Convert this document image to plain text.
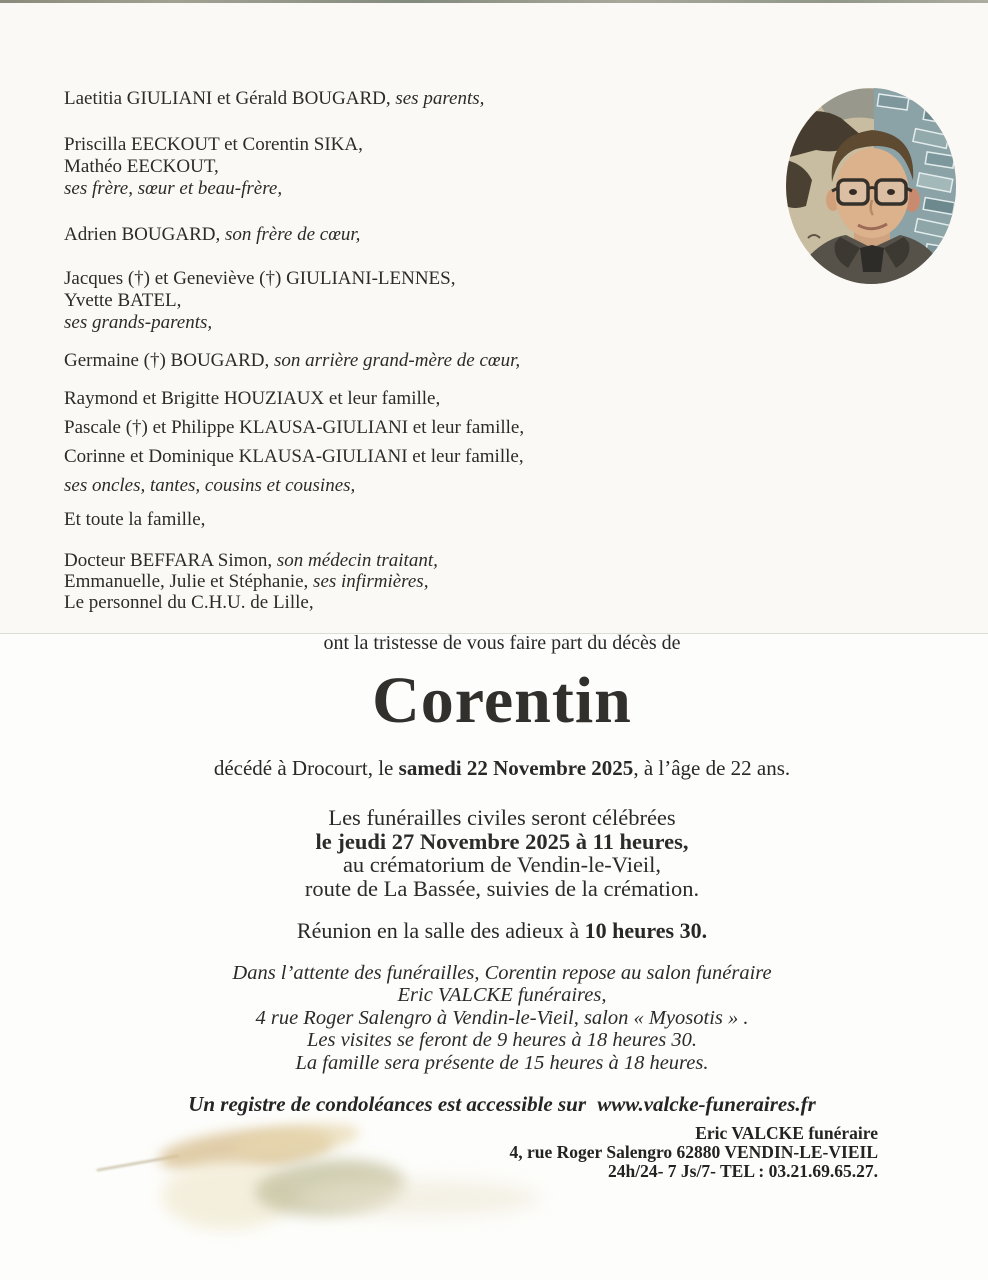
Laetitia GIULIANI et Gérald BOUGARD, ses parents,
Priscilla EECKOUT et Corentin SIKA,
Mathéo EECKOUT,
ses frère, sœur et beau-frère,
Adrien BOUGARD, son frère de cœur,
Jacques (†) et Geneviève (†) GIULIANI-LENNES,
Yvette BATEL,
ses grands-parents,
Germaine (†) BOUGARD, son arrière grand-mère de cœur,
Raymond et Brigitte HOUZIAUX et leur famille,
Pascale (†) et Philippe KLAUSA-GIULIANI et leur famille,
Corinne et Dominique KLAUSA-GIULIANI et leur famille,
ses oncles, tantes, cousins et cousines,
Et toute la famille,
Docteur BEFFARA Simon, son médecin traitant,
Emmanuelle, Julie et Stéphanie, ses infirmières,
Le personnel du C.H.U. de Lille,
ont la tristesse de vous faire part du décès de
Corentin
décédé à Drocourt, le samedi 22 Novembre 2025, à l’âge de 22 ans.
Les funérailles civiles seront célébrées
le jeudi 27 Novembre 2025 à 11 heures,
au crématorium de Vendin-le-Vieil,
route de La Bassée, suivies de la crémation.
Réunion en la salle des adieux à 10 heures 30.
Dans l’attente des funérailles, Corentin repose au salon funéraire
Eric VALCKE funéraires,
4 rue Roger Salengro à Vendin-le-Vieil, salon « Myosotis » .
Les visites se feront de 9 heures à 18 heures 30.
La famille sera présente de 15 heures à 18 heures.
Un registre de condoléances est accessible sur www.valcke-funeraires.fr
Eric VALCKE funéraire
4, rue Roger Salengro 62880 VENDIN-LE-VIEIL
24h/24- 7 Js/7- TEL : 03.21.69.65.27.
